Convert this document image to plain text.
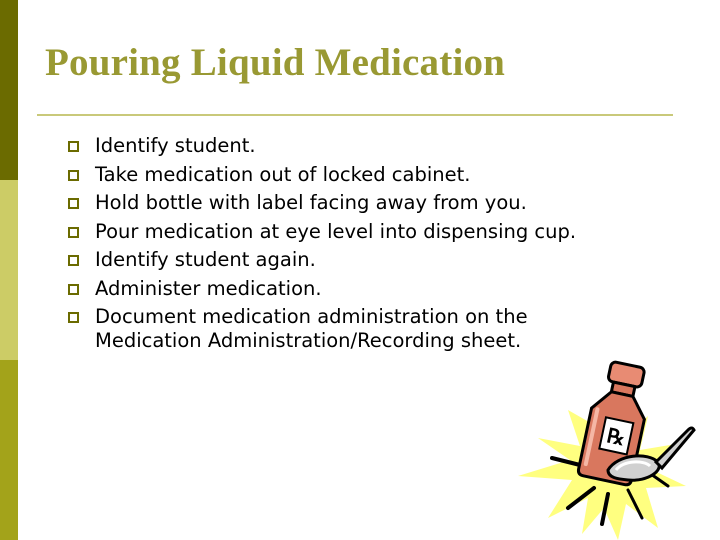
Pouring Liquid Medication
Identify student.
Take medication out of locked cabinet.
Hold bottle with label facing away from you.
Pour medication at eye level into dispensing cup.
Identify student again.
Administer medication.
Document medication administration on the Medication Administration/Recording sheet.
℞
